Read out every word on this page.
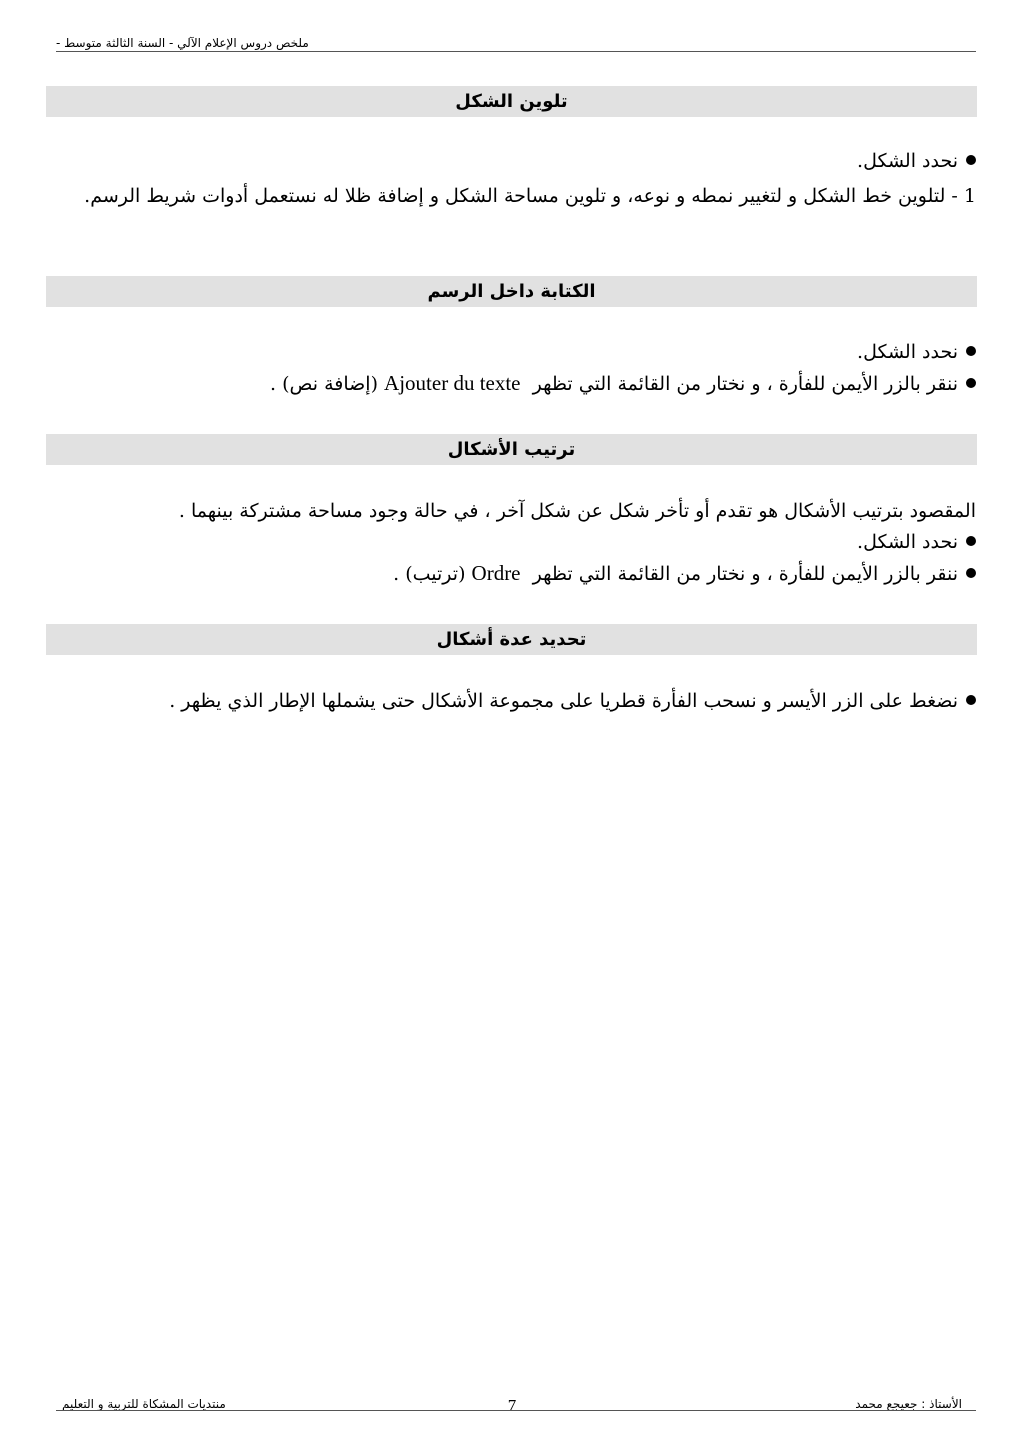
ملخص دروس الإعلام الآلي - السنة الثالثة متوسط -
تلوين الشكل
نحدد الشكل.
1 - لتلوين خط الشكل و لتغيير نمطه و نوعه، و تلوين مساحة الشكل و إضافة ظلا له نستعمل أدوات شريط الرسم.
الكتابة داخل الرسم
نحدد الشكل.
ننقر بالزر الأيمن للفأرة ، و نختار من القائمة التي تظهر  Ajouter du texte (إضافة نص) .
ترتيب الأشكال
المقصود بترتيب الأشكال هو تقدم أو تأخر شكل عن شكل آخر ، في حالة وجود مساحة مشتركة بينهما .
نحدد الشكل.
ننقر بالزر الأيمن للفأرة ، و نختار من القائمة التي تظهر  Ordre (ترتيب) .
تحديد عدة أشكال
نضغط على الزر الأيسر و نسحب الفأرة قطريا على مجموعة الأشكال حتى يشملها الإطار الذي يظهر .
منتديات المشكاة للتربية و التعليم	7	الأستاذ : جعيجع محمد
